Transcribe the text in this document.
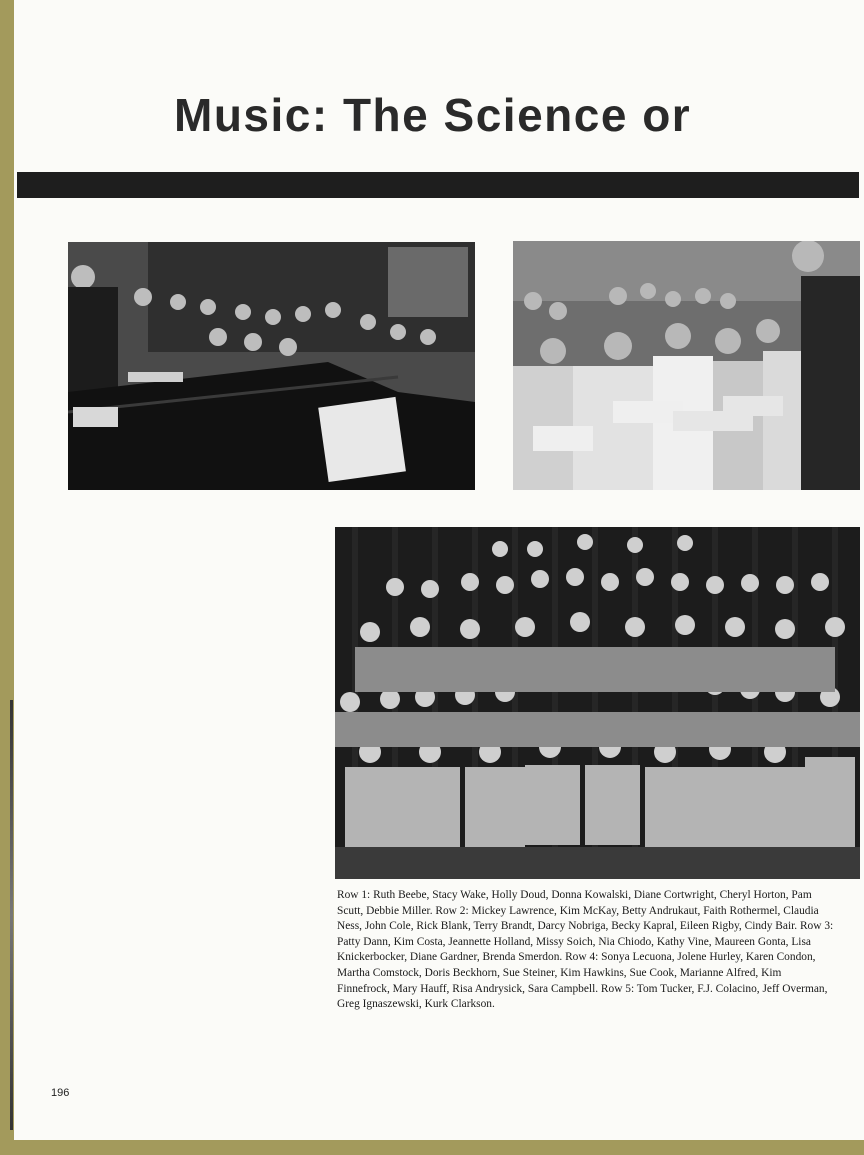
Music: The Science or

Row 1: Ruth Beebe, Stacy Wake, Holly Doud, Donna Kowalski, Diane Cortwright, Cheryl Horton, Pam Scutt, Debbie Miller. Row 2: Mickey Lawrence, Kim McKay, Betty Andrukaut, Faith Rothermel, Claudia Ness, John Cole, Rick Blank, Terry Brandt, Darcy Nobriga, Becky Kapral, Eileen Rigby, Cindy Bair. Row 3: Patty Dann, Kim Costa, Jeannette Holland, Missy Soich, Nia Chiodo, Kathy Vine, Maureen Gonta, Lisa Knickerbocker, Diane Gardner, Brenda Smerdon. Row 4: Sonya Lecuona, Jolene Hurley, Karen Condon, Martha Comstock, Doris Beckhorn, Sue Steiner, Kim Hawkins, Sue Cook, Marianne Alfred, Kim Finnefrock, Mary Hauff, Risa Andrysick, Sara Campbell. Row 5: Tom Tucker, F.J. Colacino, Jeff Overman, Greg Ignaszewski, Kurk Clarkson.

196
